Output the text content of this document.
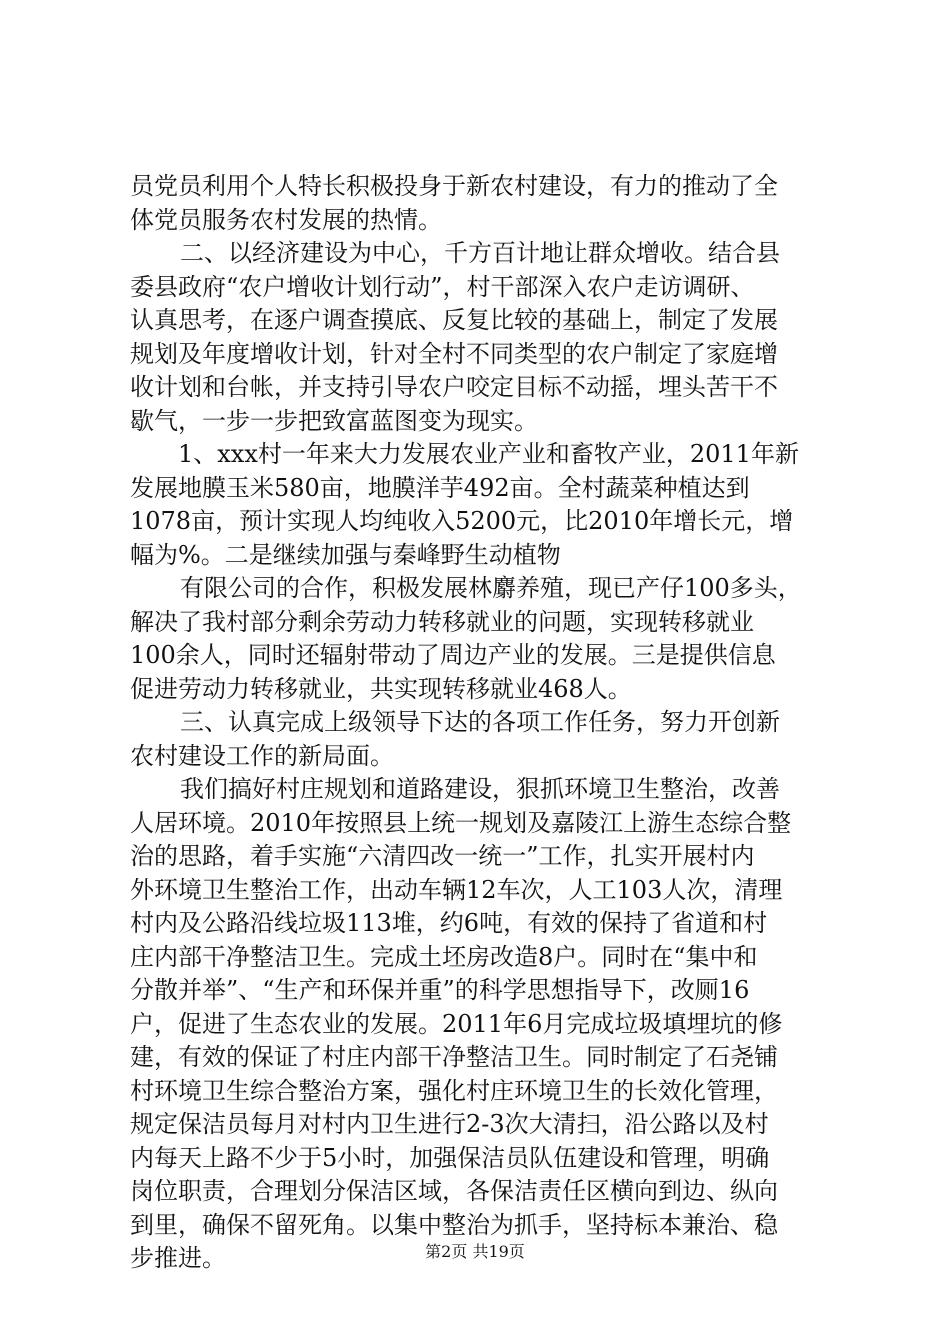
员党员利用个人特长积极投身于新农村建设，有力的推动了全
体党员服务农村发展的热情。
二、以经济建设为中心，千方百计地让群众增收。结合县
委县政府“农户增收计划行动”，村干部深入农户走访调研、
认真思考，在逐户调查摸底、反复比较的基础上，制定了发展
规划及年度增收计划，针对全村不同类型的农户制定了家庭增
收计划和台帐，并支持引导农户咬定目标不动摇，埋头苦干不
歇气，一步一步把致富蓝图变为现实。
1、xxx村一年来大力发展农业产业和畜牧产业，2011年新
发展地膜玉米580亩，地膜洋芋492亩。全村蔬菜种植达到
1078亩，预计实现人均纯收入5200元，比2010年增长元，增
幅为%。二是继续加强与秦峰野生动植物
有限公司的合作，积极发展林麝养殖，现已产仔100多头，
解决了我村部分剩余劳动力转移就业的问题，实现转移就业
100余人，同时还辐射带动了周边产业的发展。三是提供信息
促进劳动力转移就业，共实现转移就业468人。
三、认真完成上级领导下达的各项工作任务，努力开创新
农村建设工作的新局面。
我们搞好村庄规划和道路建设，狠抓环境卫生整治，改善
人居环境。2010年按照县上统一规划及嘉陵江上游生态综合整
治的思路，着手实施“六清四改一统一”工作，扎实开展村内
外环境卫生整治工作，出动车辆12车次，人工103人次，清理
村内及公路沿线垃圾113堆，约6吨，有效的保持了省道和村
庄内部干净整洁卫生。完成土坯房改造8户。同时在“集中和
分散并举”、“生产和环保并重”的科学思想指导下，改厕16
户，促进了生态农业的发展。2011年6月完成垃圾填埋坑的修
建，有效的保证了村庄内部干净整洁卫生。同时制定了石尧铺
村环境卫生综合整治方案，强化村庄环境卫生的长效化管理，
规定保洁员每月对村内卫生进行2-3次大清扫，沿公路以及村
内每天上路不少于5小时，加强保洁员队伍建设和管理，明确
岗位职责，合理划分保洁区域，各保洁责任区横向到边、纵向
到里，确保不留死角。以集中整治为抓手，坚持标本兼治、稳
步推进。	第2页 共19页
